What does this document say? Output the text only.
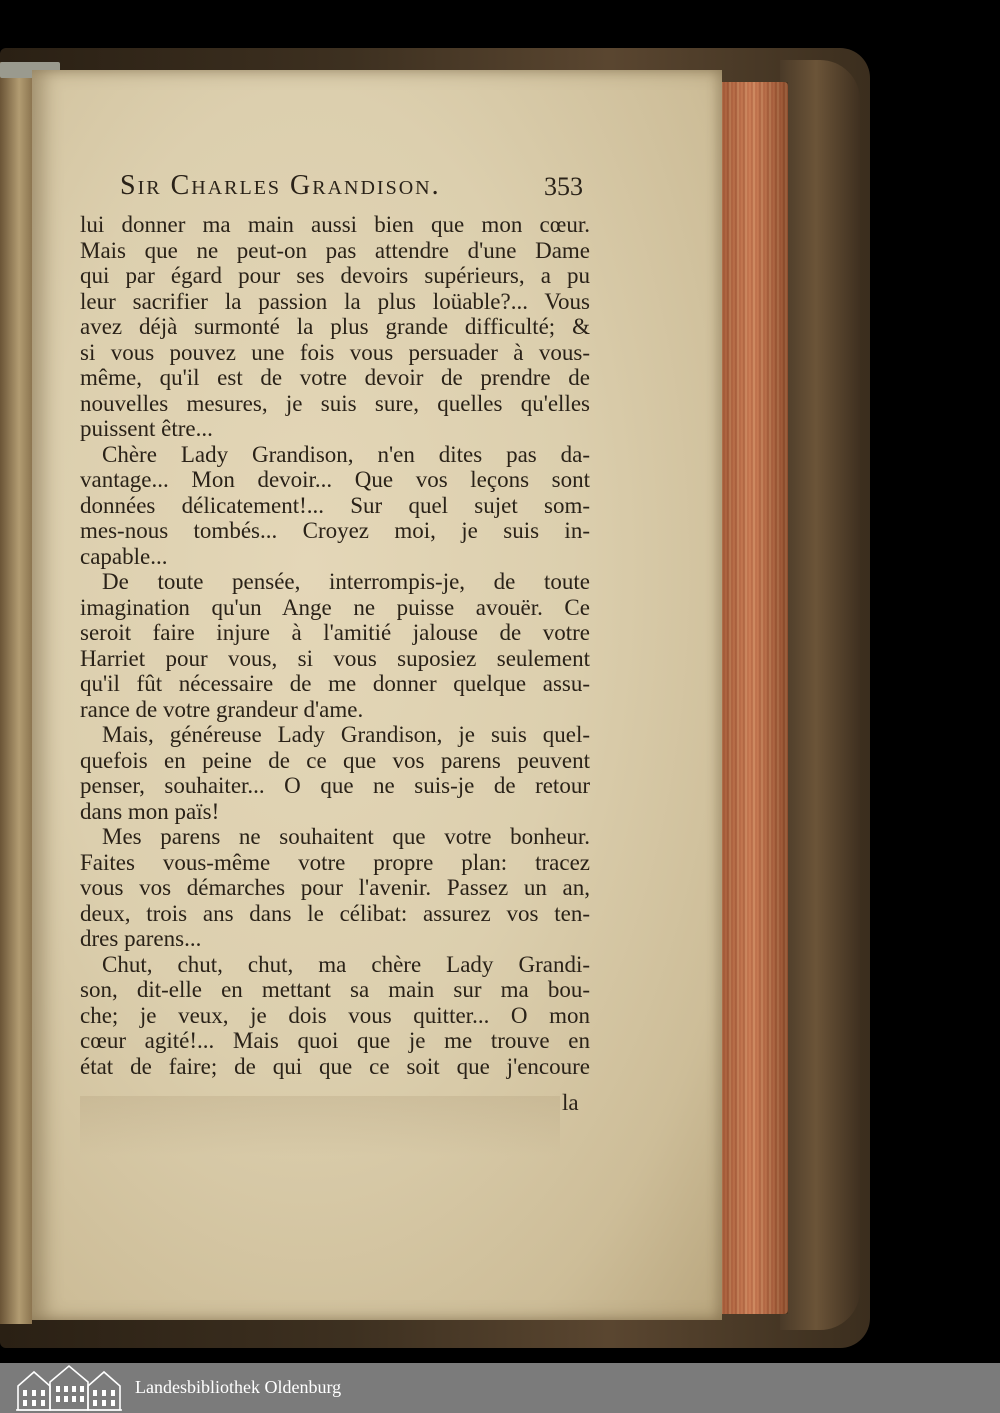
Sir Charles Grandison.	353
lui donner ma main aussi bien que mon cœur.
Mais que ne peut-on pas attendre d'une Dame
qui par égard pour ses devoirs supérieurs, a pu
leur sacrifier la passion la plus loüable?... Vous
avez déjà surmonté la plus grande difficulté; &
si vous pouvez une fois vous persuader à vous-
même, qu'il est de votre devoir de prendre de
nouvelles mesures, je suis sure, quelles qu'elles
puissent être...
Chère Lady Grandison, n'en dites pas da-
vantage... Mon devoir... Que vos leçons sont
données délicatement!... Sur quel sujet som-
mes-nous tombés... Croyez moi, je suis in-
capable...
De toute pensée, interrompis-je, de toute
imagination qu'un Ange ne puisse avouër. Ce
seroit faire injure à l'amitié jalouse de votre
Harriet pour vous, si vous suposiez seulement
qu'il fût nécessaire de me donner quelque assu-
rance de votre grandeur d'ame.
Mais, généreuse Lady Grandison, je suis quel-
quefois en peine de ce que vos parens peuvent
penser, souhaiter... O que ne suis-je de retour
dans mon païs!
Mes parens ne souhaitent que votre bonheur.
Faites vous-même votre propre plan: tracez
vous vos démarches pour l'avenir. Passez un an,
deux, trois ans dans le célibat: assurez vos ten-
dres parens...
Chut, chut, chut, ma chère Lady Grandi-
son, dit-elle en mettant sa main sur ma bou-
che; je veux, je dois vous quitter... O mon
cœur agité!... Mais quoi que je me trouve en
état de faire; de qui que ce soit que j'encoure
la
Landesbibliothek Oldenburg
